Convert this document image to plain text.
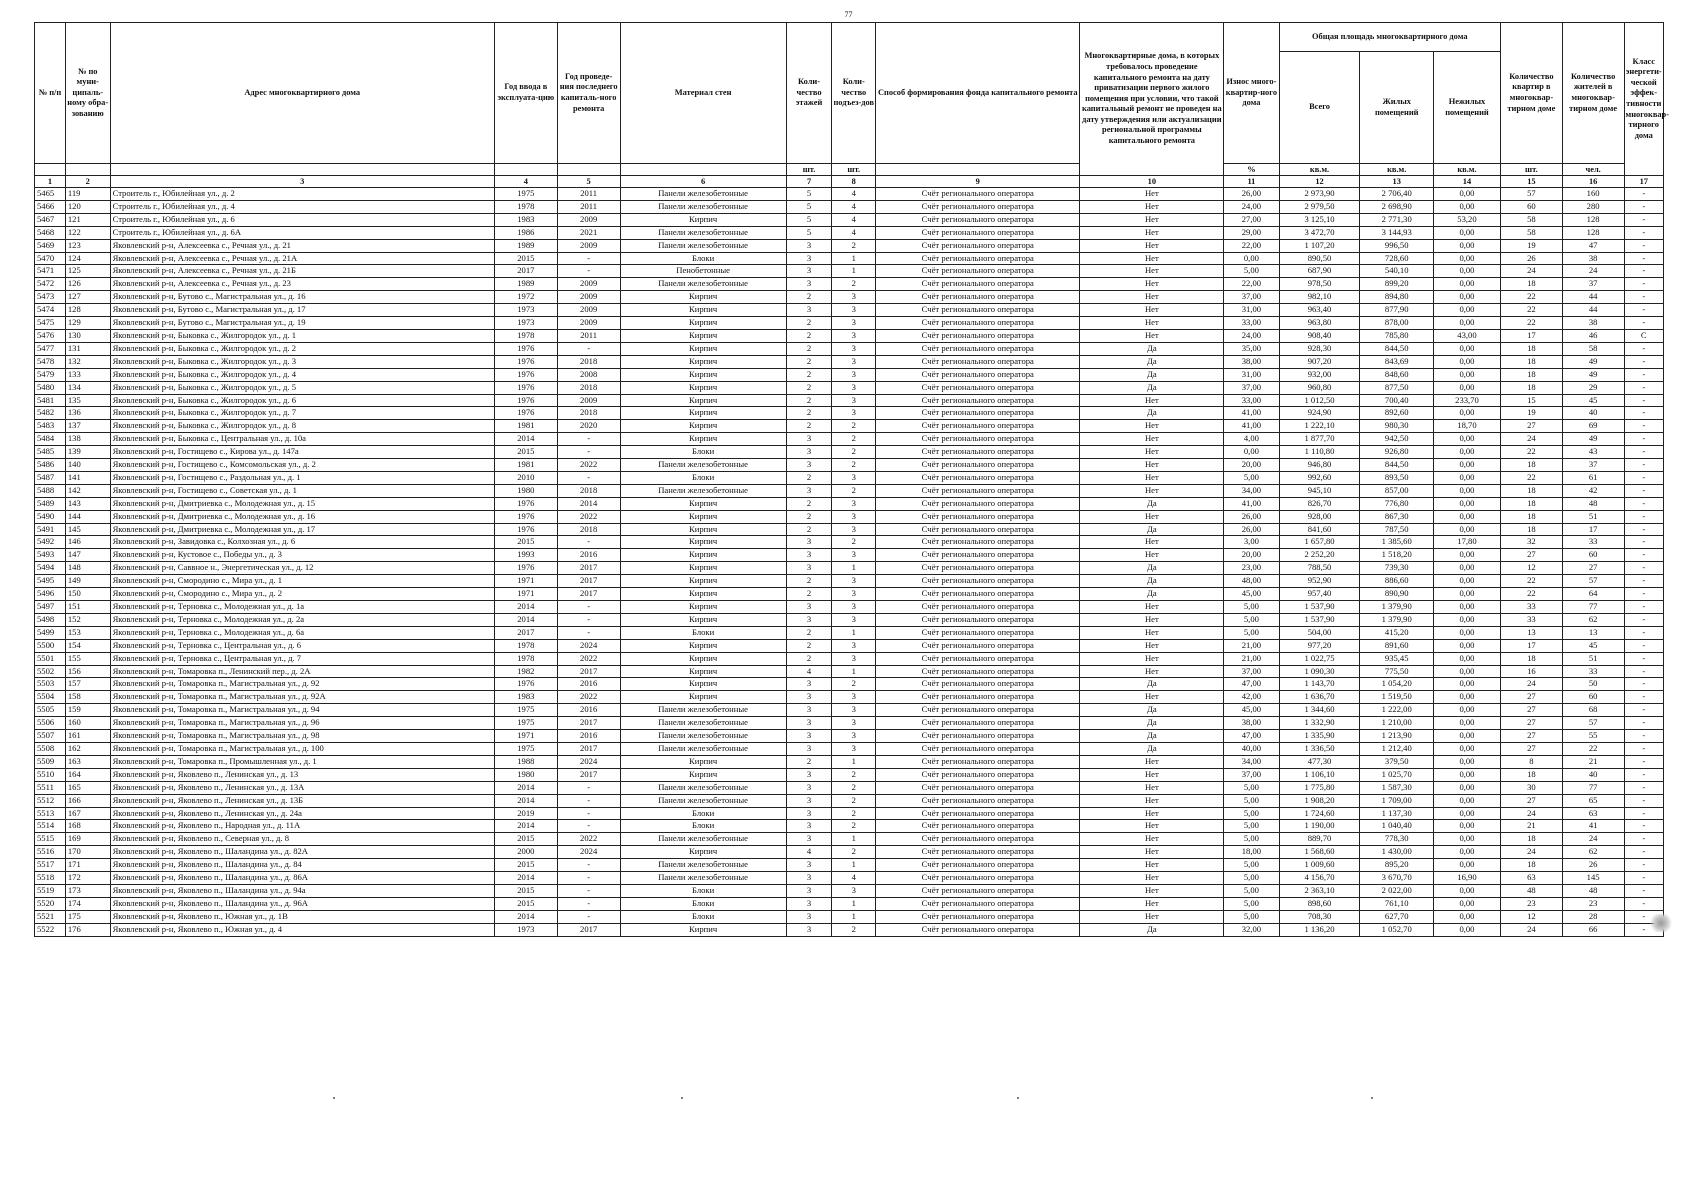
77
№ п/п	№ по муни-ципаль-ному обра-зованию	Адрес многоквартирного дома	Год ввода в эксплуата-цию	Год проведе-ния последнего капиталь-ного ремонта	Материал стен	Коли-чество этажей	Коли-чество подъез-дов	Способ формирования фонда капитального ремонта	Многоквартирные дома, в которых требовалось проведение капитального ремонта на дату приватизации первого жилого помещения при условии, что такой капитальный ремонт не проведен на дату утверждения или актуализации региональной программы капитального ремонта	Износ много-квартир-ного дома	Общая площадь многоквартирного дома			Количество квартир в многоквар-тирном доме	Количество жителей в многоквар-тирном доме	Класс энергети-ческой эффек-тивности многоквар-тирного дома
											Всего	Жилых помещений	Нежилых помещений			
						шт.	шт.			%	кв.м.	кв.м.	кв.м.	шт.	чел.	
1	2	3	4	5	6	7	8	9	10	11	12	13	14	15	16	17
5465	119	Строитель г., Юбилейная ул., д. 2	1975	2011	Панели железобетонные	5	4	Счёт регионального оператора	Нет	26,00	2 973,90	2 706,40	0,00	57	160	-
5466	120	Строитель г., Юбилейная ул., д. 4	1978	2011	Панели железобетонные	5	4	Счёт регионального оператора	Нет	24,00	2 979,50	2 698,90	0,00	60	280	-
5467	121	Строитель г., Юбилейная ул., д. 6	1983	2009	Кирпич	5	4	Счёт регионального оператора	Нет	27,00	3 125,10	2 771,30	53,20	58	128	-
5468	122	Строитель г., Юбилейная ул., д. 6А	1986	2021	Панели железобетонные	5	4	Счёт регионального оператора	Нет	29,00	3 472,70	3 144,93	0,00	58	128	-
5469	123	Яковлевский р-н, Алексеевка с., Речная ул., д. 21	1989	2009	Панели железобетонные	3	2	Счёт регионального оператора	Нет	22,00	1 107,20	996,50	0,00	19	47	-
5470	124	Яковлевский р-н, Алексеевка с., Речная ул., д. 21А	2015	-	Блоки	3	1	Счёт регионального оператора	Нет	0,00	890,50	728,60	0,00	26	38	-
5471	125	Яковлевский р-н, Алексеевка с., Речная ул., д. 21Б	2017	-	Пенобетонные	3	1	Счёт регионального оператора	Нет	5,00	687,90	540,10	0,00	24	24	-
5472	126	Яковлевский р-н, Алексеевка с., Речная ул., д. 23	1989	2009	Панели железобетонные	3	2	Счёт регионального оператора	Нет	22,00	978,50	899,20	0,00	18	37	-
5473	127	Яковлевский р-н, Бутово с., Магистральная ул., д. 16	1972	2009	Кирпич	2	3	Счёт регионального оператора	Нет	37,00	982,10	894,80	0,00	22	44	-
5474	128	Яковлевский р-н, Бутово с., Магистральная ул., д. 17	1973	2009	Кирпич	3	3	Счёт регионального оператора	Нет	31,00	963,40	877,90	0,00	22	44	-
5475	129	Яковлевский р-н, Бутово с., Магистральная ул., д. 19	1973	2009	Кирпич	2	3	Счёт регионального оператора	Нет	33,00	963,80	878,00	0,00	22	38	-
5476	130	Яковлевский р-н, Быковка с., Жилгородок ул., д. 1	1978	2011	Кирпич	2	3	Счёт регионального оператора	Нет	24,00	908,40	785,80	43,00	17	46	C
5477	131	Яковлевский р-н, Быковка с., Жилгородок ул., д. 2	1976	-	Кирпич	2	3	Счёт регионального оператора	Да	35,00	928,30	844,50	0,00	18	58	-
5478	132	Яковлевский р-н, Быковка с., Жилгородок ул., д. 3	1976	2018	Кирпич	2	3	Счёт регионального оператора	Да	38,00	907,20	843,69	0,00	18	49	-
5479	133	Яковлевский р-н, Быковка с., Жилгородок ул., д. 4	1976	2008	Кирпич	2	3	Счёт регионального оператора	Да	31,00	932,00	848,60	0,00	18	49	-
5480	134	Яковлевский р-н, Быковка с., Жилгородок ул., д. 5	1976	2018	Кирпич	2	3	Счёт регионального оператора	Да	37,00	960,80	877,50	0,00	18	29	-
5481	135	Яковлевский р-н, Быковка с., Жилгородок ул., д. 6	1976	2009	Кирпич	2	3	Счёт регионального оператора	Нет	33,00	1 012,50	700,40	233,70	15	45	-
5482	136	Яковлевский р-н, Быковка с., Жилгородок ул., д. 7	1976	2018	Кирпич	2	3	Счёт регионального оператора	Да	41,00	924,90	892,60	0,00	19	40	-
5483	137	Яковлевский р-н, Быковка с., Жилгородок ул., д. 8	1981	2020	Кирпич	2	2	Счёт регионального оператора	Нет	41,00	1 222,10	980,30	18,70	27	69	-
5484	138	Яковлевский р-н, Быковка с., Центральная ул., д. 10а	2014	-	Кирпич	3	2	Счёт регионального оператора	Нет	4,00	1 877,70	942,50	0,00	24	49	-
5485	139	Яковлевский р-н, Гостищево с., Кирова ул., д. 147а	2015	-	Блоки	3	2	Счёт регионального оператора	Нет	0,00	1 110,80	926,80	0,00	22	43	-
5486	140	Яковлевский р-н, Гостищево с., Комсомольская ул., д. 2	1981	2022	Панели железобетонные	3	2	Счёт регионального оператора	Нет	20,00	946,80	844,50	0,00	18	37	-
5487	141	Яковлевский р-н, Гостищево с., Раздольная ул., д. 1	2010	-	Блоки	2	3	Счёт регионального оператора	Нет	5,00	992,60	893,50	0,00	22	61	-
5488	142	Яковлевский р-н, Гостищево с., Советская ул., д. 1	1980	2018	Панели железобетонные	3	2	Счёт регионального оператора	Нет	34,00	945,10	857,00	0,00	18	42	-
5489	143	Яковлевский р-н, Дмитриевка с., Молодежная ул., д. 15	1976	2014	Кирпич	2	3	Счёт регионального оператора	Да	41,00	826,70	776,80	0,00	18	48	-
5490	144	Яковлевский р-н, Дмитриевка с., Молодежная ул., д. 16	1976	2022	Кирпич	2	3	Счёт регионального оператора	Нет	26,00	928,00	867,30	0,00	18	51	-
5491	145	Яковлевский р-н, Дмитриевка с., Молодежная ул., д. 17	1976	2018	Кирпич	2	3	Счёт регионального оператора	Да	26,00	841,60	787,50	0,00	18	17	-
5492	146	Яковлевский р-н, Завидовка с., Колхозная ул., д. 6	2015	-	Кирпич	3	2	Счёт регионального оператора	Нет	3,00	1 657,80	1 385,60	17,80	32	33	-
5493	147	Яковлевский р-н, Кустовое с., Победы ул., д. 3	1993	2016	Кирпич	3	3	Счёт регионального оператора	Нет	20,00	2 252,20	1 518,20	0,00	27	60	-
5494	148	Яковлевский р-н, Саввное н., Энергетическая ул., д. 12	1976	2017	Кирпич	3	1	Счёт регионального оператора	Да	23,00	788,50	739,30	0,00	12	27	-
5495	149	Яковлевский р-н, Смородино с., Мира ул., д. 1	1971	2017	Кирпич	2	3	Счёт регионального оператора	Да	48,00	952,90	886,60	0,00	22	57	-
5496	150	Яковлевский р-н, Смородино с., Мира ул., д. 2	1971	2017	Кирпич	2	3	Счёт регионального оператора	Да	45,00	957,40	890,90	0,00	22	64	-
5497	151	Яковлевский р-н, Терновка с., Молодежная ул., д. 1а	2014	-	Кирпич	3	3	Счёт регионального оператора	Нет	5,00	1 537,90	1 379,90	0,00	33	77	-
5498	152	Яковлевский р-н, Терновка с., Молодежная ул., д. 2а	2014	-	Кирпич	3	3	Счёт регионального оператора	Нет	5,00	1 537,90	1 379,90	0,00	33	62	-
5499	153	Яковлевский р-н, Терновка с., Молодежная ул., д. 6а	2017	-	Блоки	2	1	Счёт регионального оператора	Нет	5,00	504,00	415,20	0,00	13	13	-
5500	154	Яковлевский р-н, Терновка с., Центральная ул., д. 6	1978	2024	Кирпич	2	3	Счёт регионального оператора	Нет	21,00	977,20	891,60	0,00	17	45	-
5501	155	Яковлевский р-н, Терновка с., Центральная ул., д. 7	1978	2022	Кирпич	2	3	Счёт регионального оператора	Нет	21,00	1 022,75	935,45	0,00	18	51	-
5502	156	Яковлевский р-н, Томаровка п., Ленинский пер., д. 2А	1982	2017	Кирпич	4	1	Счёт регионального оператора	Нет	37,00	1 090,30	775,50	0,00	16	33	-
5503	157	Яковлевский р-н, Томаровка п., Магистральная ул., д. 92	1976	2016	Кирпич	3	2	Счёт регионального оператора	Да	47,00	1 143,70	1 054,20	0,00	24	50	-
5504	158	Яковлевский р-н, Томаровка п., Магистральная ул., д. 92А	1983	2022	Кирпич	3	3	Счёт регионального оператора	Нет	42,00	1 636,70	1 519,50	0,00	27	60	-
5505	159	Яковлевский р-н, Томаровка п., Магистральная ул., д. 94	1975	2016	Панели железобетонные	3	3	Счёт регионального оператора	Да	45,00	1 344,60	1 222,00	0,00	27	68	-
5506	160	Яковлевский р-н, Томаровка п., Магистральная ул., д. 96	1975	2017	Панели железобетонные	3	3	Счёт регионального оператора	Да	38,00	1 332,90	1 210,00	0,00	27	57	-
5507	161	Яковлевский р-н, Томаровка п., Магистральная ул., д. 98	1971	2016	Панели железобетонные	3	3	Счёт регионального оператора	Да	47,00	1 335,90	1 213,90	0,00	27	55	-
5508	162	Яковлевский р-н, Томаровка п., Магистральная ул., д. 100	1975	2017	Панели железобетонные	3	3	Счёт регионального оператора	Да	40,00	1 336,50	1 212,40	0,00	27	22	-
5509	163	Яковлевский р-н, Томаровка п., Промышленная ул., д. 1	1988	2024	Кирпич	2	1	Счёт регионального оператора	Нет	34,00	477,30	379,50	0,00	8	21	-
5510	164	Яковлевский р-н, Яковлево п., Ленинская ул., д. 13	1980	2017	Кирпич	3	2	Счёт регионального оператора	Нет	37,00	1 106,10	1 025,70	0,00	18	40	-
5511	165	Яковлевский р-н, Яковлево п., Ленинская ул., д. 13А	2014	-	Панели железобетонные	3	2	Счёт регионального оператора	Нет	5,00	1 775,80	1 587,30	0,00	30	77	-
5512	166	Яковлевский р-н, Яковлево п., Ленинская ул., д. 13Б	2014	-	Панели железобетонные	3	2	Счёт регионального оператора	Нет	5,00	1 908,20	1 709,00	0,00	27	65	-
5513	167	Яковлевский р-н, Яковлево п., Ленинская ул., д. 24а	2019	-	Блоки	3	2	Счёт регионального оператора	Нет	5,00	1 724,60	1 137,30	0,00	24	63	-
5514	168	Яковлевский р-н, Яковлево п., Народная ул., д. 11А	2014	-	Блоки	3	2	Счёт регионального оператора	Нет	5,00	1 190,00	1 040,40	0,00	21	41	-
5515	169	Яковлевский р-н, Яковлево п., Северная ул., д. 8	2015	2022	Панели железобетонные	3	1	Счёт регионального оператора	Нет	5,00	889,70	778,30	0,00	18	24	-
5516	170	Яковлевский р-н, Яковлево п., Шаландина ул., д. 82А	2000	2024	Кирпич	4	2	Счёт регионального оператора	Нет	18,00	1 568,60	1 430,00	0,00	24	62	-
5517	171	Яковлевский р-н, Яковлево п., Шаландина ул., д. 84	2015	-	Панели железобетонные	3	1	Счёт регионального оператора	Нет	5,00	1 009,60	895,20	0,00	18	26	-
5518	172	Яковлевский р-н, Яковлево п., Шаландина ул., д. 86А	2014	-	Панели железобетонные	3	4	Счёт регионального оператора	Нет	5,00	4 156,70	3 670,70	16,90	63	145	-
5519	173	Яковлевский р-н, Яковлево п., Шаландина ул., д. 94а	2015	-	Блоки	3	3	Счёт регионального оператора	Нет	5,00	2 363,10	2 022,00	0,00	48	48	-
5520	174	Яковлевский р-н, Яковлево п., Шаландина ул., д. 96А	2015	-	Блоки	3	1	Счёт регионального оператора	Нет	5,00	898,60	761,10	0,00	23	23	-
5521	175	Яковлевский р-н, Яковлево п., Южная ул., д. 1В	2014	-	Блоки	3	1	Счёт регионального оператора	Нет	5,00	708,30	627,70	0,00	12	28	-
5522	176	Яковлевский р-н, Яковлево п., Южная ул., д. 4	1973	2017	Кирпич	3	2	Счёт регионального оператора	Да	32,00	1 136,20	1 052,70	0,00	24	66	-
